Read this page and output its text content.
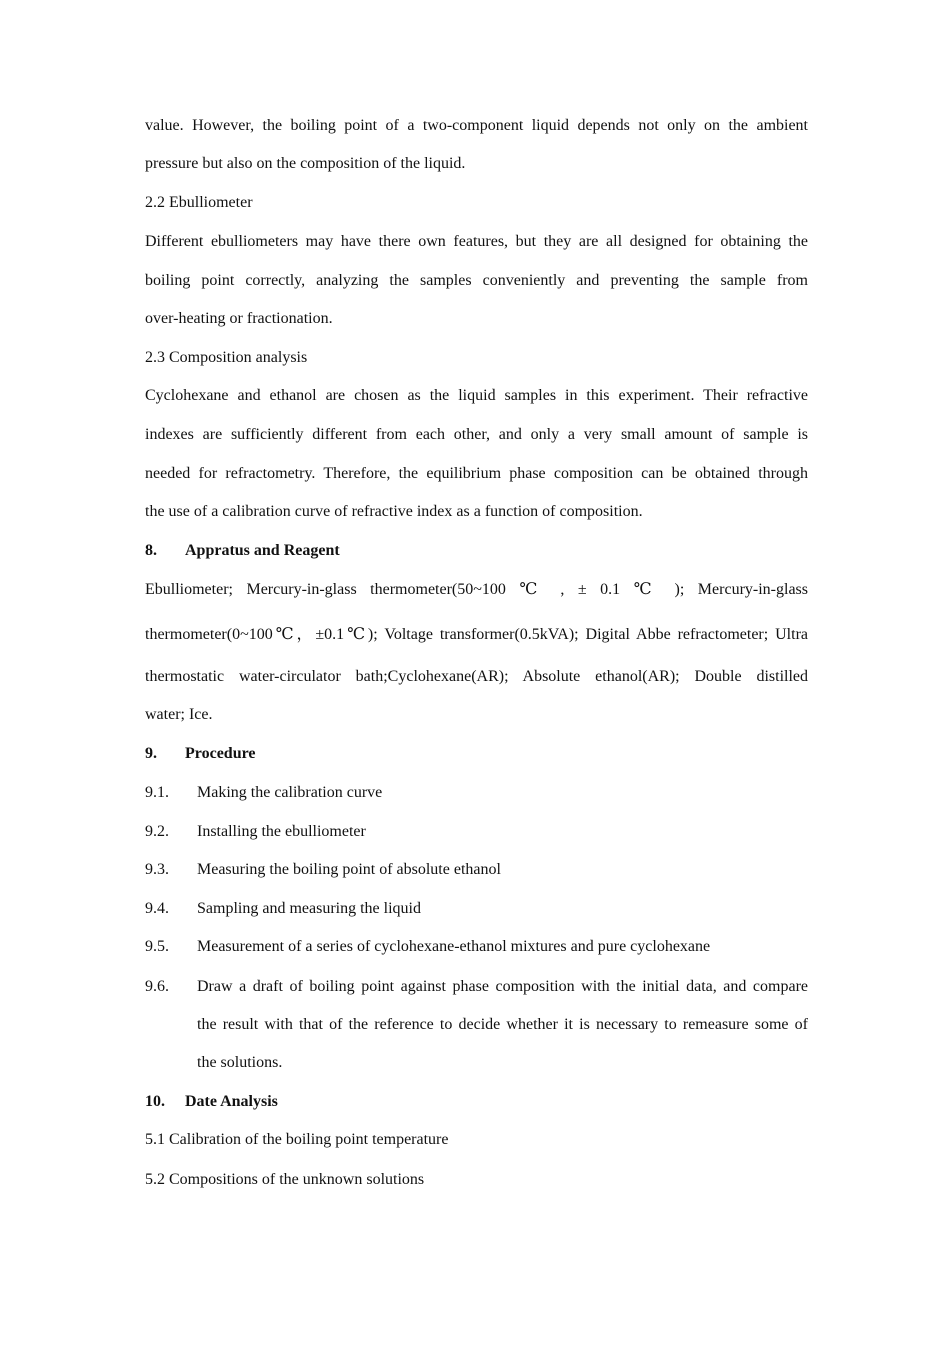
value. However, the boiling point of a two-component liquid depends not only on the ambient
pressure but also on the composition of the liquid.
2.2 Ebulliometer
Different ebulliometers may have there own features, but they are all designed for obtaining the
boiling point correctly, analyzing the samples conveniently and preventing the sample from
over-heating or fractionation.
2.3 Composition analysis
Cyclohexane and ethanol are chosen as the liquid samples in this experiment. Their refractive
indexes are sufficiently different from each other, and only a very small amount of sample is
needed for refractometry. Therefore, the equilibrium phase composition can be obtained through
the use of a calibration curve of refractive index as a function of composition.
8. Appratus and Reagent
Ebulliometer; Mercury-in-glass thermometer(50~100 ℃ , ± 0.1 ℃ ); Mercury-in-glass
thermometer(0~100℃，±0.1℃); Voltage transformer(0.5kVA); Digital Abbe refractometer; Ultra
thermostatic water-circulator bath;Cyclohexane(AR); Absolute ethanol(AR); Double distilled
water; Ice.
9. Procedure
9.1. Making the calibration curve
9.2. Installing the ebulliometer
9.3. Measuring the boiling point of absolute ethanol
9.4. Sampling and measuring the liquid
9.5. Measurement of a series of cyclohexane-ethanol mixtures and pure cyclohexane
9.6. Draw a draft of boiling point against phase composition with the initial data, and compare
the result with that of the reference to decide whether it is necessary to remeasure some of
the solutions.
10. Date Analysis
5.1 Calibration of the boiling point temperature
5.2 Compositions of the unknown solutions
